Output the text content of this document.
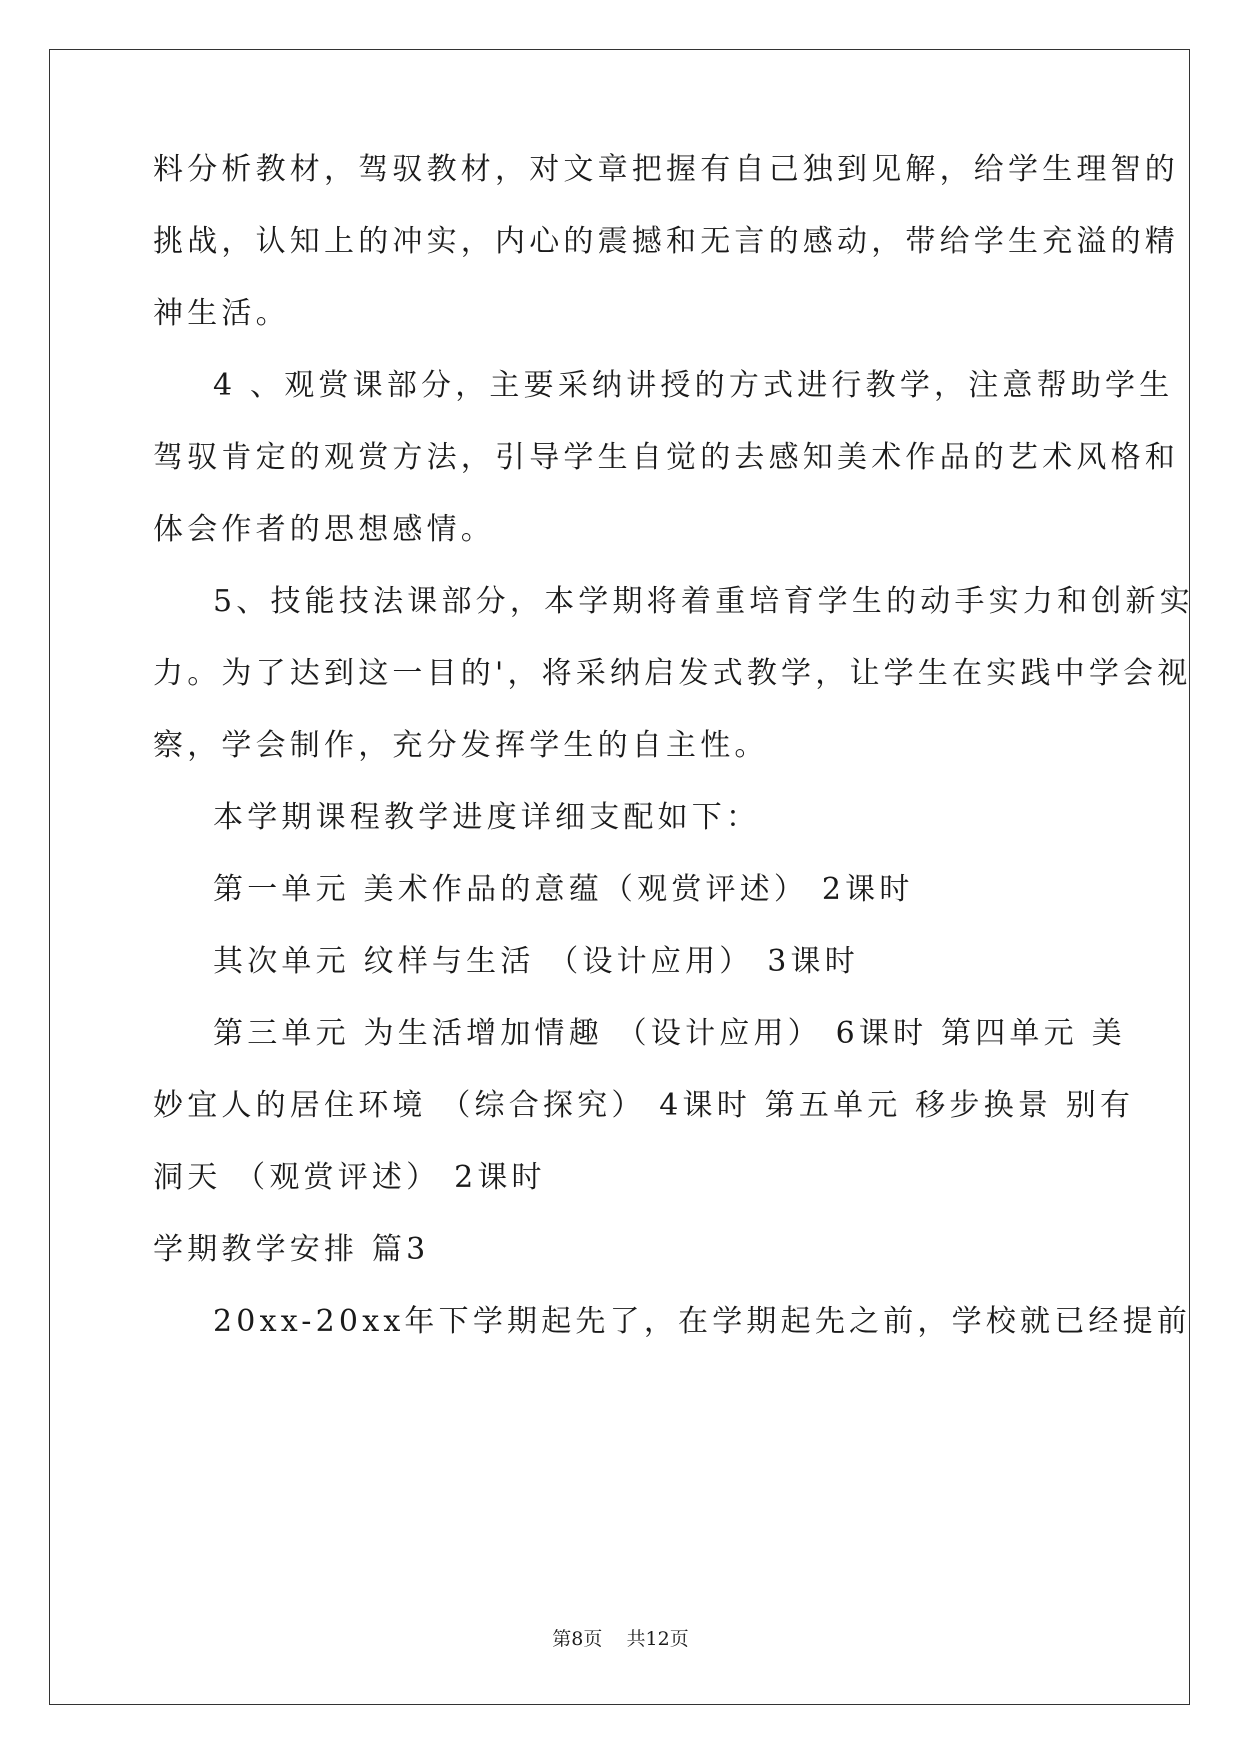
料分析教材，驾驭教材，对文章把握有自己独到见解，给学生理智的
挑战，认知上的冲实，内心的震撼和无言的感动，带给学生充溢的精
神生活。
4 、观赏课部分，主要采纳讲授的方式进行教学，注意帮助学生
驾驭肯定的观赏方法，引导学生自觉的去感知美术作品的艺术风格和
体会作者的思想感情。
5、技能技法课部分，本学期将着重培育学生的动手实力和创新实
力。为了达到这一目的'，将采纳启发式教学，让学生在实践中学会视
察，学会制作，充分发挥学生的自主性。
本学期课程教学进度详细支配如下：
第一单元 美术作品的意蕴（观赏评述） 2课时
其次单元 纹样与生活 （设计应用） 3课时
第三单元 为生活增加情趣 （设计应用） 6课时 第四单元 美
妙宜人的居住环境 （综合探究） 4课时 第五单元 移步换景 别有
洞天 （观赏评述） 2课时
学期教学安排 篇3
20xx-20xx年下学期起先了，在学期起先之前，学校就已经提前
第8页 共12页
